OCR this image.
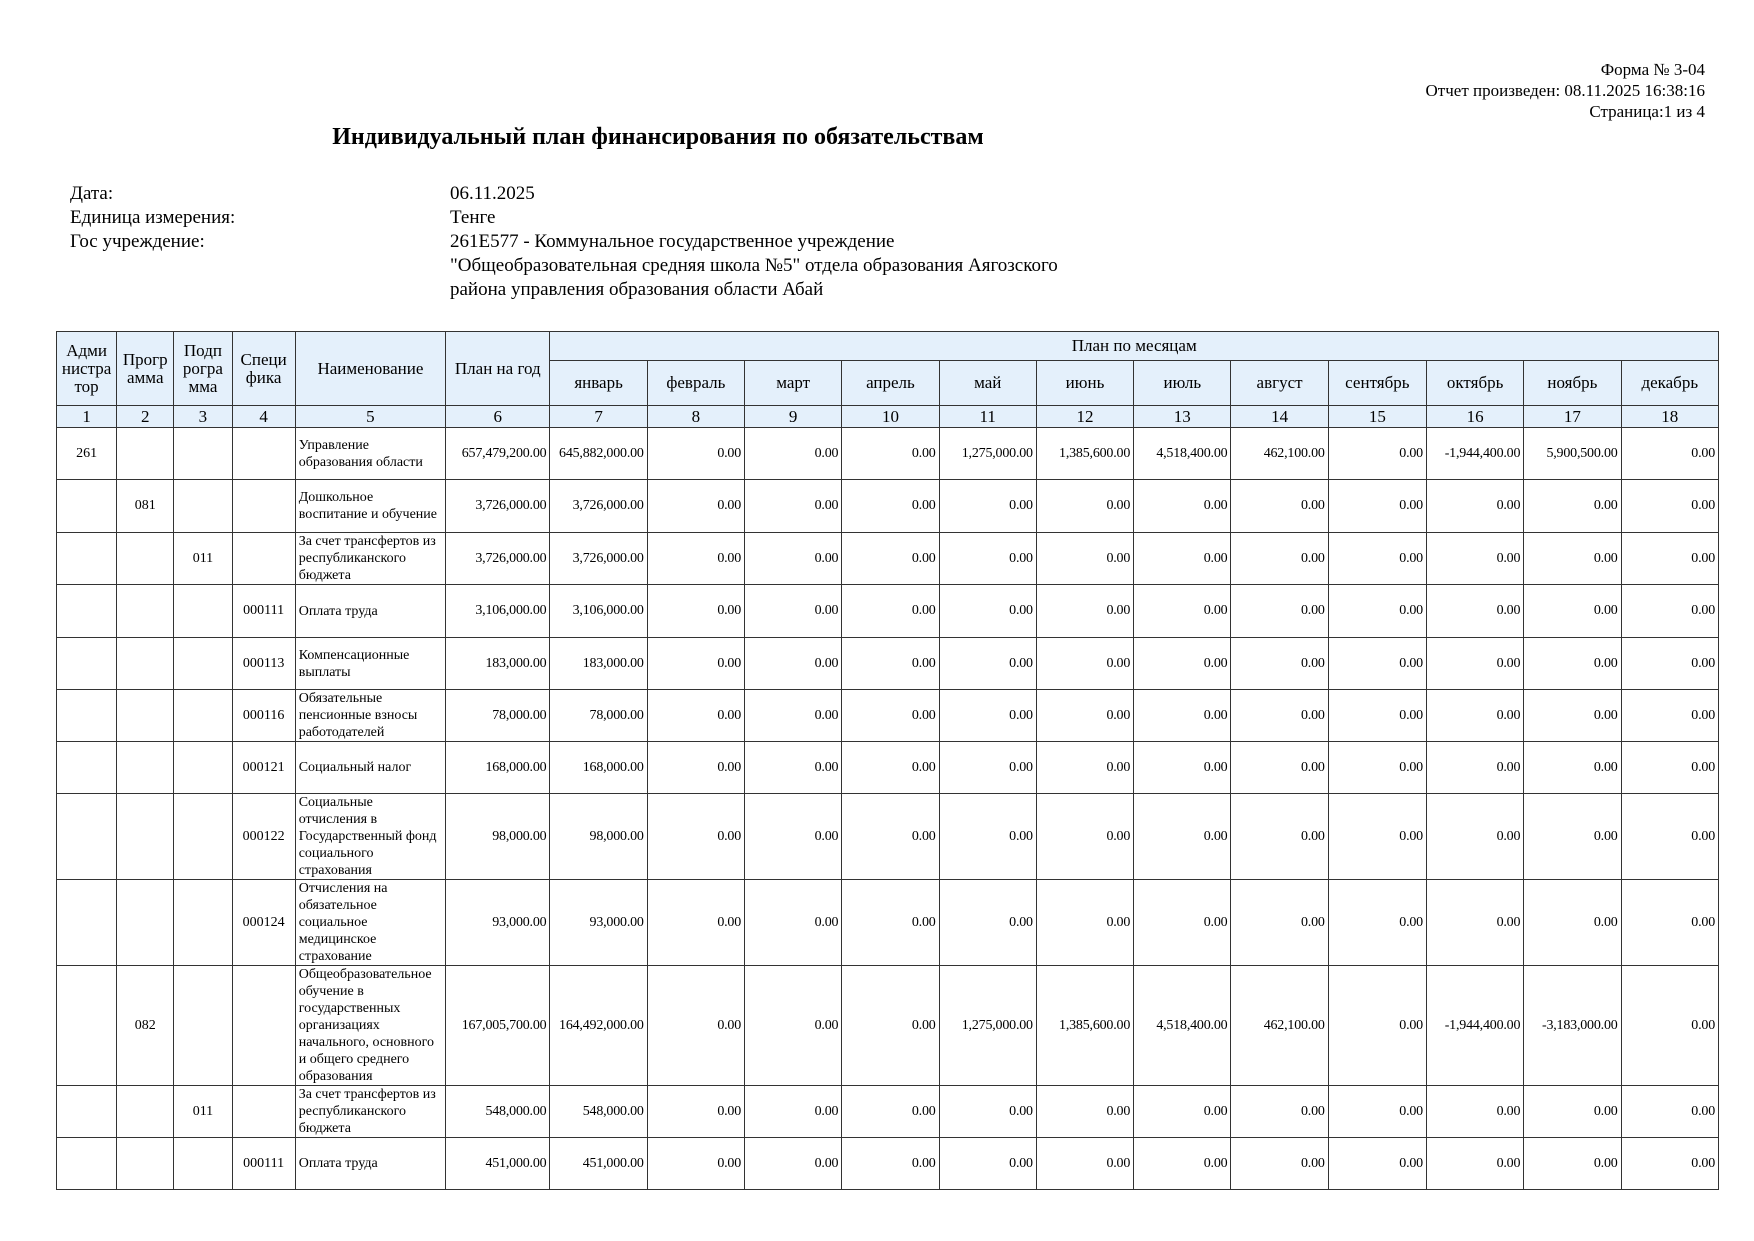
Форма № 3-04
Отчет произведен: 08.11.2025 16:38:16
Страница:1 из 4
Индивидуальный план финансирования по обязательствам
Дата:	06.11.2025
Единица измерения:	Тенге
Гос учреждение:	261E577 - Коммунальное государственное учреждение
"Общеобразовательная средняя школа №5" отдела образования Аягозского
района управления образования области Абай
Адми нистра тор	Прогр амма	Подп рогра мма	Специ фика	Наименование	План на год	План по месяцам											
						январь	февраль	март	апрель	май	июнь	июль	август	сентябрь	октябрь	ноябрь	декабрь
1	2	3	4	5	6	7	8	9	10	11	12	13	14	15	16	17	18
261				Управление образования области	657,479,200.00	645,882,000.00	0.00	0.00	0.00	1,275,000.00	1,385,600.00	4,518,400.00	462,100.00	0.00	-1,944,400.00	5,900,500.00	0.00
	081			Дошкольное воспитание и обучение	3,726,000.00	3,726,000.00	0.00	0.00	0.00	0.00	0.00	0.00	0.00	0.00	0.00	0.00	0.00
		011		За счет трансфертов из республиканского бюджета	3,726,000.00	3,726,000.00	0.00	0.00	0.00	0.00	0.00	0.00	0.00	0.00	0.00	0.00	0.00
			000111	Оплата труда	3,106,000.00	3,106,000.00	0.00	0.00	0.00	0.00	0.00	0.00	0.00	0.00	0.00	0.00	0.00
			000113	Компенсационные выплаты	183,000.00	183,000.00	0.00	0.00	0.00	0.00	0.00	0.00	0.00	0.00	0.00	0.00	0.00
			000116	Обязательные пенсионные взносы работодателей	78,000.00	78,000.00	0.00	0.00	0.00	0.00	0.00	0.00	0.00	0.00	0.00	0.00	0.00
			000121	Социальный налог	168,000.00	168,000.00	0.00	0.00	0.00	0.00	0.00	0.00	0.00	0.00	0.00	0.00	0.00
			000122	Социальные отчисления в Государственный фонд социального страхования	98,000.00	98,000.00	0.00	0.00	0.00	0.00	0.00	0.00	0.00	0.00	0.00	0.00	0.00
			000124	Отчисления на обязательное социальное медицинское страхование	93,000.00	93,000.00	0.00	0.00	0.00	0.00	0.00	0.00	0.00	0.00	0.00	0.00	0.00
	082			Общеобразовательное обучение в государственных организациях начального, основного и общего среднего образования	167,005,700.00	164,492,000.00	0.00	0.00	0.00	1,275,000.00	1,385,600.00	4,518,400.00	462,100.00	0.00	-1,944,400.00	-3,183,000.00	0.00
		011		За счет трансфертов из республиканского бюджета	548,000.00	548,000.00	0.00	0.00	0.00	0.00	0.00	0.00	0.00	0.00	0.00	0.00	0.00
			000111	Оплата труда	451,000.00	451,000.00	0.00	0.00	0.00	0.00	0.00	0.00	0.00	0.00	0.00	0.00	0.00
